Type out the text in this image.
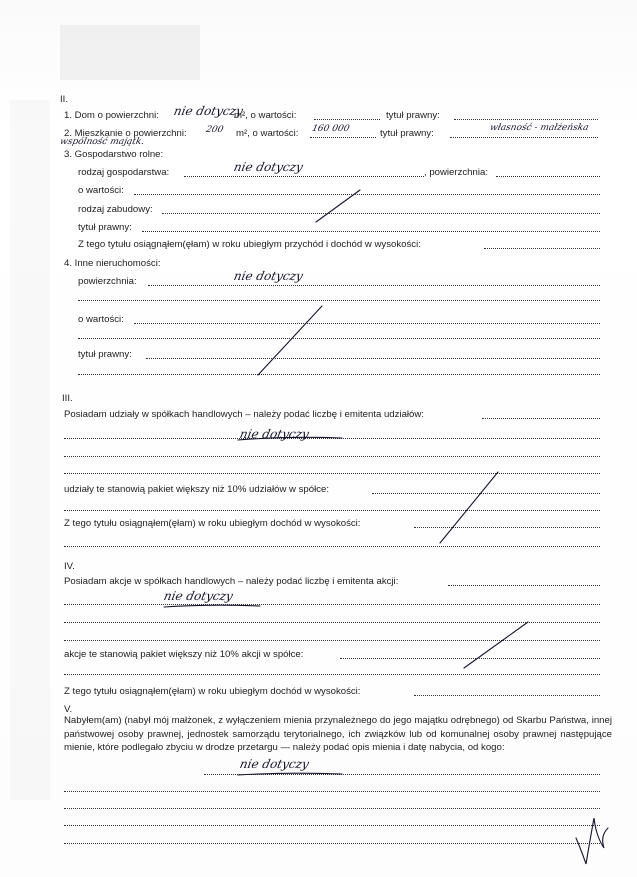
II.
1. Dom o powierzchni: nie dotyczy
m², o wartości:	tytuł prawny:
2. Mieszkanie o powierzchni: 200 m², o wartości: 160 000	tytuł prawny:	własność - małżeńska
wspólność majątk.
3. Gospodarstwo rolne:
rodzaj gospodarstwa:	nie dotyczy	, powierzchnia:
o wartości:
rodzaj zabudowy:
tytuł prawny:
Z tego tytułu osiągnąłem(ęłam) w roku ubiegłym przychód i dochód w wysokości:
4. Inne nieruchomości:
powierzchnia:	nie dotyczy
o wartości:
tytuł prawny:
III.
Posiadam udziały w spółkach handlowych – należy podać liczbę i emitenta udziałów:
nie dotyczy
udziały te stanowią pakiet większy niż 10% udziałów w spółce:
Z tego tytułu osiągnąłem(ęłam) w roku ubiegłym dochód w wysokości:
IV.
Posiadam akcje w spółkach handlowych – należy podać liczbę i emitenta akcji:
nie dotyczy
akcje te stanowią pakiet większy niż 10% akcji w spółce:
Z tego tytułu osiągnąłem(ęłam) w roku ubiegłym dochód w wysokości:
V.
Nabyłem(am) (nabył mój małżonek, z wyłączeniem mienia przynależnego do jego majątku odrębnego) od Skarbu Państwa, innej państwowej osoby prawnej, jednostek samorządu terytorialnego, ich związków lub od komunalnej osoby prawnej następujące mienie, które podlegało zbyciu w drodze przetargu — należy podać opis mienia i datę nabycia, od kogo:
nie dotyczy
